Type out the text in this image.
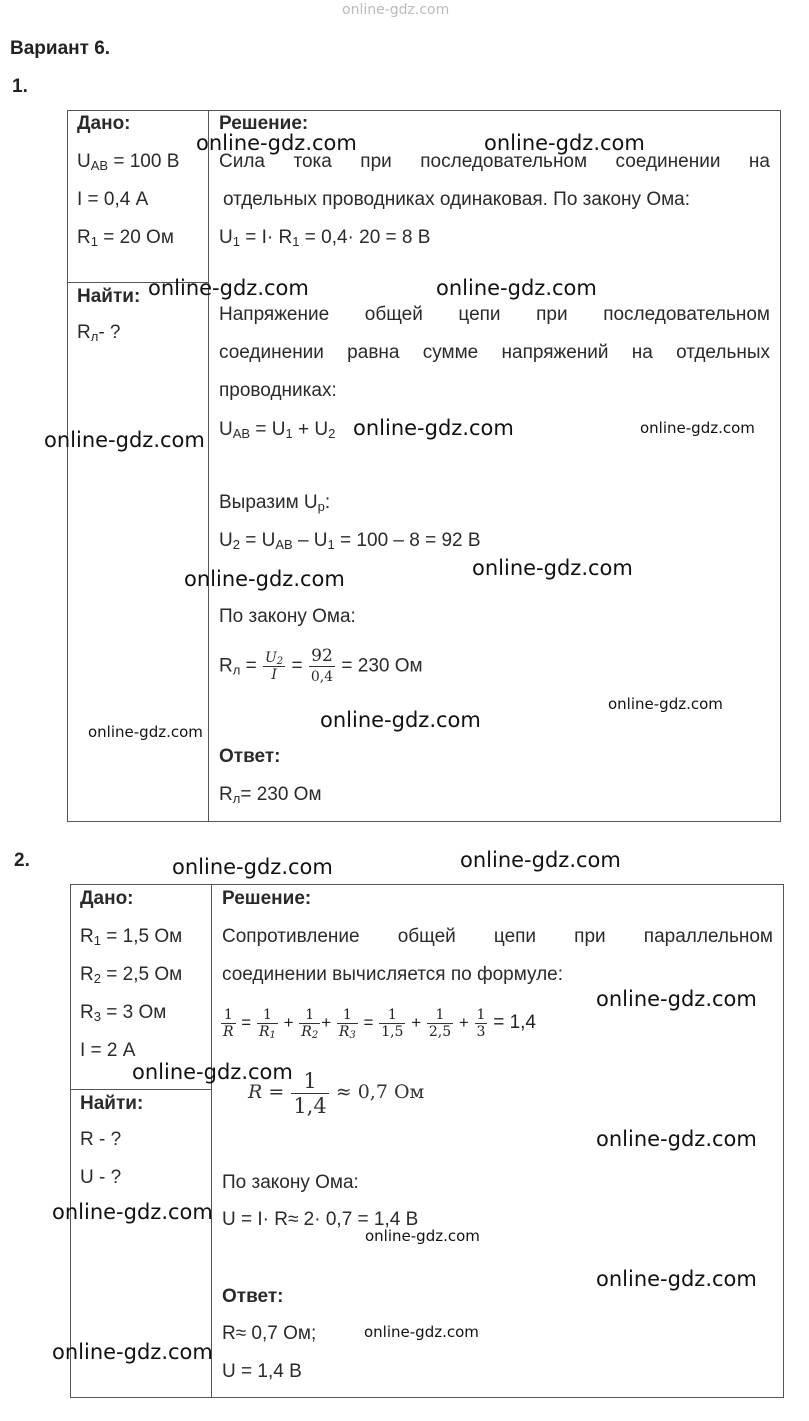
online-gdz.com
Вариант 6.
1.
Дано:
$U_{AB} = 100$ В
I = 0,4 А
$R_1 = 20$ Ом
Найти:
$R_л-$ ?
Решение:
Сила тока при последовательном соединении на
отдельных проводниках одинаковая. По закону Ома:
$U_1 = I\cdot R_1 = 0,4\cdot 20 = 8$ В
Напряжение общей цепи при последовательном
соединении равна сумме напряжений на отдельных
проводниках:
$U_{AB} = U_1 + U_2$
Выразим $U_р$:
$U_2 = U_{AB} - U_1 = 100 - 8 = 92$ В
По закону Ома:
$R_л = \frac{U_2}{I} = \frac{92}{0,4} = 230$ Ом
Ответ:
$R_л= 230$ Ом
2.
Дано:
$R_1 = 1,5$ Ом
$R_2 = 2,5$ Ом
$R_3 = 3$ Ом
I = 2 А
Найти:
R - ?
U - ?
Решение:
Сопротивление общей цепи при параллельном
соединении вычисляется по формуле:
$\frac{1}{R} = \frac{1}{R_1} + \frac{1}{R_2} + \frac{1}{R_3} = \frac{1}{1,5} + \frac{1}{2,5} + \frac{1}{3} = 1,4$
$R = \frac{1}{1,4} \approx 0,7$ Ом
По закону Ома:
U = I· R≈ 2· 0,7 = 1,4 В
Ответ:
R≈ 0,7 Ом;
U = 1,4 В
online-gdz.com	online-gdz.com
online-gdz.com	online-gdz.com
online-gdz.com	online-gdz.com	online-gdz.com
online-gdz.com	online-gdz.com
online-gdz.com
online-gdz.com
online-gdz.com
online-gdz.com	online-gdz.com
online-gdz.com
online-gdz.com
online-gdz.com
online-gdz.com
online-gdz.com
online-gdz.com
online-gdz.com
online-gdz.com
